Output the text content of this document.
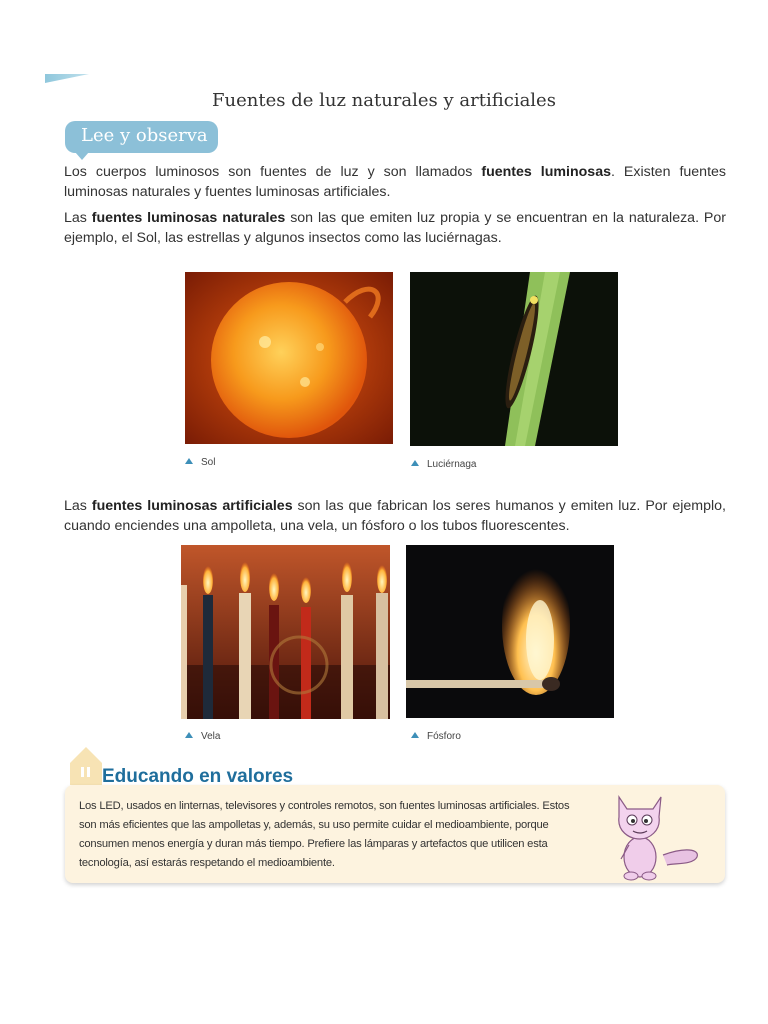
Fuentes de luz naturales y artificiales
Lee y observa
Los cuerpos luminosos son fuentes de luz y son llamados fuentes luminosas. Existen fuentes luminosas naturales y fuentes luminosas artificiales.
Las fuentes luminosas naturales son las que emiten luz propia y se encuentran en la naturaleza. Por ejemplo, el Sol, las estrellas y algunos insectos como las luciérnagas.
Sol	Luciérnaga
Las fuentes luminosas artificiales son las que fabrican los seres humanos y emiten luz. Por ejemplo, cuando enciendes una ampolleta, una vela, un fósforo o los tubos fluorescentes.
Vela	Fósforo
Los LED, usados en linternas, televisores y controles remotos, son fuentes luminosas artificiales. Estos son más eficientes que las ampolletas y, además, su uso permite cuidar el medioambiente, porque consumen menos energía y duran más tiempo. Prefiere las lámparas y artefactos que utilicen esta tecnología, así estarás respetando el medioambiente.
Educando en valores
